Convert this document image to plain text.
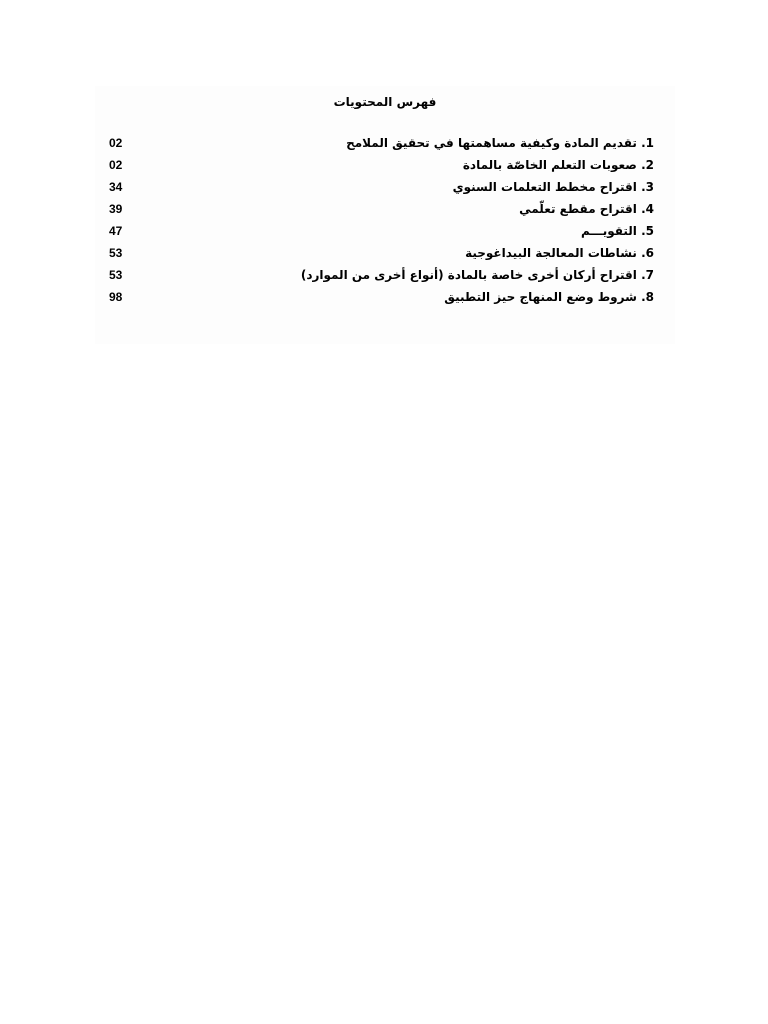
فهرس المحتويات
02	1. تقديم المادة وكيفية مساهمتها في تحقيق الملامح
02	2. صعوبات التعلم الخاصّة بالمادة
34	3. اقتراح مخطط التعلمات السنوي
39	4. اقتراح مقطع تعلّمي
47	5. التقويـــم
53	6. نشاطات المعالجة البيداغوجية
53	7. اقتراح أركان أخرى خاصة بالمادة (أنواع أخرى من الموارد)
98	8. شروط وضع المنهاج حيز التطبيق
